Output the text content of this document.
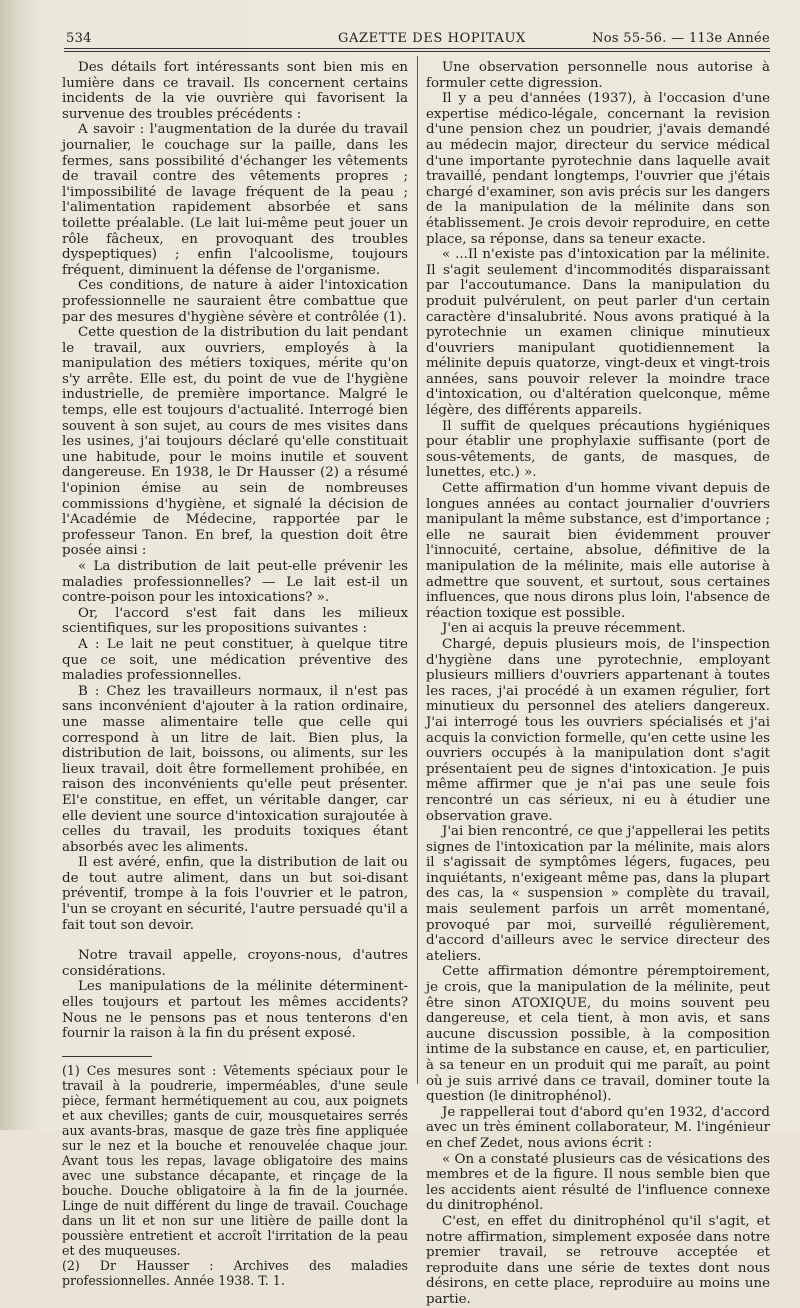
534	GAZETTE DES HOPITAUX	Nos 55-56. — 113e Année

Des détails fort intéressants sont bien mis en lumière dans ce travail. Ils concernent certains incidents de la vie ouvrière qui favorisent la survenue des troubles précédents :

A savoir : l'augmentation de la durée du travail journalier, le couchage sur la paille, dans les fermes, sans possibilité d'échanger les vêtements de travail contre des vêtements propres ; l'impossibilité de lavage fréquent de la peau ; l'alimentation rapidement absorbée et sans toilette préalable. (Le lait lui-même peut jouer un rôle fâcheux, en provoquant des troubles dyspeptiques) ; enfin l'alcoolisme, toujours fréquent, diminuent la défense de l'organisme.

Ces conditions, de nature à aider l'intoxication professionnelle ne sauraient être combattue que par des mesures d'hygiène sévère et contrôlée (1).

Cette question de la distribution du lait pendant le travail, aux ouvriers, employés à la manipulation des métiers toxiques, mérite qu'on s'y arrête. Elle est, du point de vue de l'hygiène industrielle, de première importance. Malgré le temps, elle est toujours d'actualité. Interrogé bien souvent à son sujet, au cours de mes visites dans les usines, j'ai toujours déclaré qu'elle constituait une habitude, pour le moins inutile et souvent dangereuse. En 1938, le Dr Hausser (2) a résumé l'opinion émise au sein de nombreuses commissions d'hygiène, et signalé la décision de l'Académie de Médecine, rapportée par le professeur Tanon. En bref, la question doit être posée ainsi :

« La distribution de lait peut-elle prévenir les maladies professionnelles? — Le lait est-il un contre-poison pour les intoxications? ».

Or, l'accord s'est fait dans les milieux scientifiques, sur les propositions suivantes :

A : Le lait ne peut constituer, à quelque titre que ce soit, une médication préventive des maladies professionnelles.

B : Chez les travailleurs normaux, il n'est pas sans inconvénient d'ajouter à la ration ordinaire, une masse alimentaire telle que celle qui correspond à un litre de lait. Bien plus, la distribution de lait, boissons, ou aliments, sur les lieux travail, doit être formellement prohibée, en raison des inconvénients qu'elle peut présenter. El'e constitue, en effet, un véritable danger, car elle devient une source d'intoxication surajoutée à celles du travail, les produits toxiques étant absorbés avec les aliments.

Il est avéré, enfin, que la distribution de lait ou de tout autre aliment, dans un but soi-disant préventif, trompe à la fois l'ouvrier et le patron, l'un se croyant en sécurité, l'autre persuadé qu'il a fait tout son devoir.

Notre travail appelle, croyons-nous, d'autres considérations.

Les manipulations de la mélinite déterminent-elles toujours et partout les mêmes accidents? Nous ne le pensons pas et nous tenterons d'en fournir la raison à la fin du présent exposé.

(1) Ces mesures sont : Vêtements spéciaux pour le travail à la poudrerie, imperméables, d'une seule pièce, fermant hermétiquement au cou, aux poignets et aux chevilles; gants de cuir, mousquetaires serrés aux avants-bras, masque de gaze très fine appliquée sur le nez et la bouche et renouvelée chaque jour. Avant tous les repas, lavage obligatoire des mains avec une substance décapante, et rinçage de la bouche. Douche obligatoire à la fin de la journée. Linge de nuit différent du linge de travail. Couchage dans un lit et non sur une litière de paille dont la poussière entretient et accroît l'irritation de la peau et des muqueuses.

(2) Dr Hausser : Archives des maladies professionnelles. Année 1938. T. 1.

Une observation personnelle nous autorise à formuler cette digression.

Il y a peu d'années (1937), à l'occasion d'une expertise médico-légale, concernant la revision d'une pension chez un poudrier, j'avais demandé au médecin major, directeur du service médical d'une importante pyrotechnie dans laquelle avait travaillé, pendant longtemps, l'ouvrier que j'étais chargé d'examiner, son avis précis sur les dangers de la manipulation de la mélinite dans son établissement. Je crois devoir reproduire, en cette place, sa réponse, dans sa teneur exacte.

« ...Il n'existe pas d'intoxication par la mélinite. Il s'agit seulement d'incommodités disparaissant par l'accoutumance. Dans la manipulation du produit pulvérulent, on peut parler d'un certain caractère d'insalubrité. Nous avons pratiqué à la pyrotechnie un examen clinique minutieux d'ouvriers manipulant quotidiennement la mélinite depuis quatorze, vingt-deux et vingt-trois années, sans pouvoir relever la moindre trace d'intoxication, ou d'altération quelconque, même légère, des différents appareils.

Il suffit de quelques précautions hygiéniques pour établir une prophylaxie suffisante (port de sous-vêtements, de gants, de masques, de lunettes, etc.) ».

Cette affirmation d'un homme vivant depuis de longues années au contact journalier d'ouvriers manipulant la même substance, est d'importance ; elle ne saurait bien évidemment prouver l'innocuité, certaine, absolue, définitive de la manipulation de la mélinite, mais elle autorise à admettre que souvent, et surtout, sous certaines influences, que nous dirons plus loin, l'absence de réaction toxique est possible.

J'en ai acquis la preuve récemment.

Chargé, depuis plusieurs mois, de l'inspection d'hygiène dans une pyrotechnie, employant plusieurs milliers d'ouvriers appartenant à toutes les races, j'ai procédé à un examen régulier, fort minutieux du personnel des ateliers dangereux. J'ai interrogé tous les ouvriers spécialisés et j'ai acquis la conviction formelle, qu'en cette usine les ouvriers occupés à la manipulation dont s'agit présentaient peu de signes d'intoxication. Je puis même affirmer que je n'ai pas une seule fois rencontré un cas sérieux, ni eu à étudier une observation grave.

J'ai bien rencontré, ce que j'appellerai les petits signes de l'intoxication par la mélinite, mais alors il s'agissait de symptômes légers, fugaces, peu inquiétants, n'exigeant même pas, dans la plupart des cas, la « suspension » complète du travail, mais seulement parfois un arrêt momentané, provoqué par moi, surveillé régulièrement, d'accord d'ailleurs avec le service directeur des ateliers.

Cette affirmation démontre péremptoirement, je crois, que la manipulation de la mélinite, peut être sinon ATOXIQUE, du moins souvent peu dangereuse, et cela tient, à mon avis, et sans aucune discussion possible, à la composition intime de la substance en cause, et, en particulier, à sa teneur en un produit qui me paraît, au point où je suis arrivé dans ce travail, dominer toute la question (le dinitrophénol).

Je rappellerai tout d'abord qu'en 1932, d'accord avec un très éminent collaborateur, M. l'ingénieur en chef Zedet, nous avions écrit :

« On a constaté plusieurs cas de vésications des membres et de la figure. Il nous semble bien que les accidents aient résulté de l'influence connexe du dinitrophénol.

C'est, en effet du dinitrophénol qu'il s'agit, et notre affirmation, simplement exposée dans notre premier travail, se retrouve acceptée et reproduite dans une série de textes dont nous désirons, en cette place, reproduire au moins une partie.
